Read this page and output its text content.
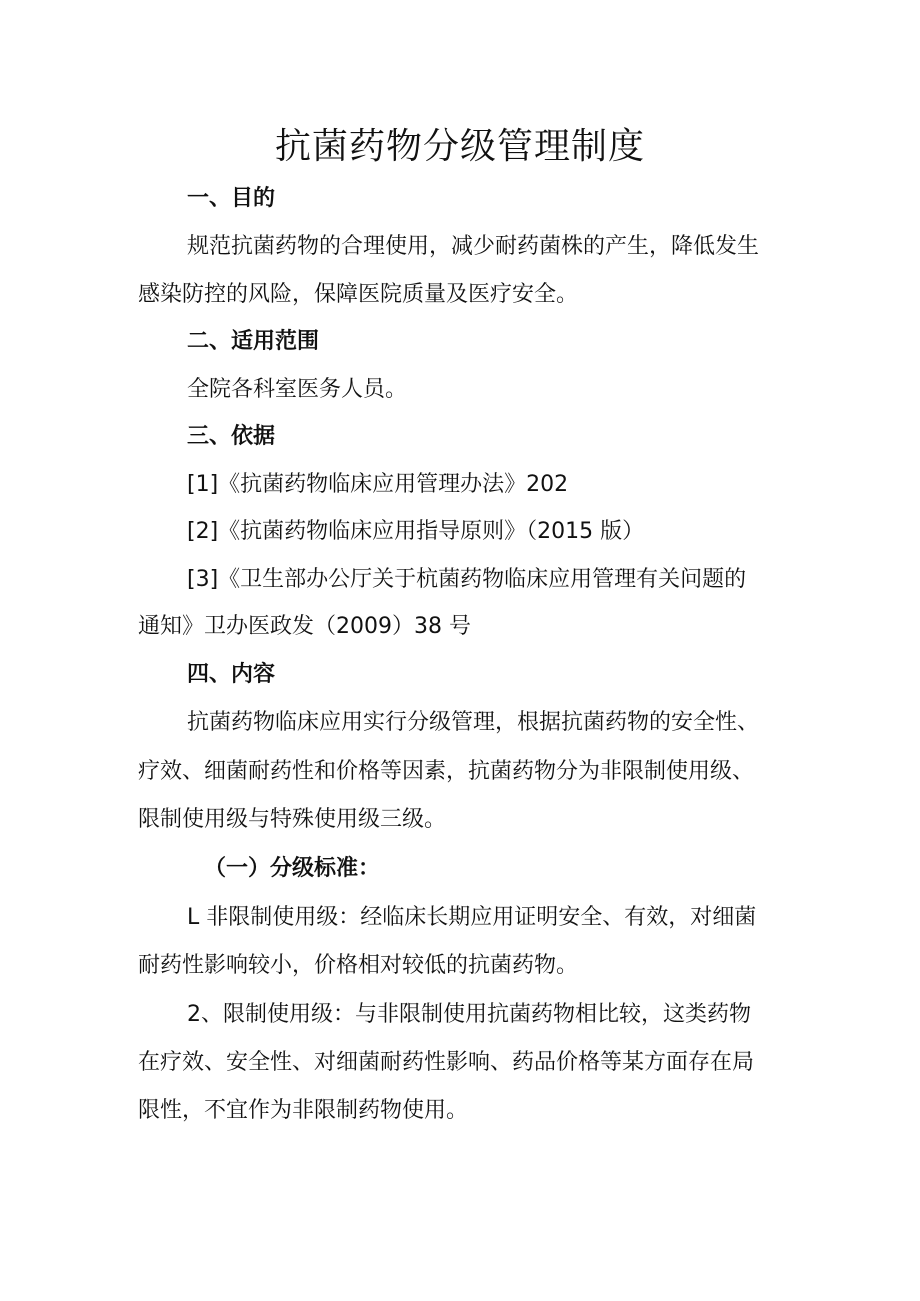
抗菌药物分级管理制度
一、目的
规范抗菌药物的合理使用，减少耐药菌株的产生，降低发生
感染防控的风险，保障医院质量及医疗安全。
二、适用范围
全院各科室医务人员。
三、依据
[1]《抗菌药物临床应用管理办法》202
[2]《抗菌药物临床应用指导原则》（2015 版）
[3]《卫生部办公厅关于杭菌药物临床应用管理有关问题的
通知》卫办医政发（2009）38 号
四、内容
抗菌药物临床应用实行分级管理，根据抗菌药物的安全性、
疗效、细菌耐药性和价格等因素，抗菌药物分为非限制使用级、
限制使用级与特殊使用级三级。
（一）分级标准：
L 非限制使用级：经临床长期应用证明安全、有效，对细菌
耐药性影响较小，价格相对较低的抗菌药物。
2、限制使用级：与非限制使用抗菌药物相比较，这类药物
在疗效、安全性、对细菌耐药性影响、药品价格等某方面存在局
限性，不宜作为非限制药物使用。
